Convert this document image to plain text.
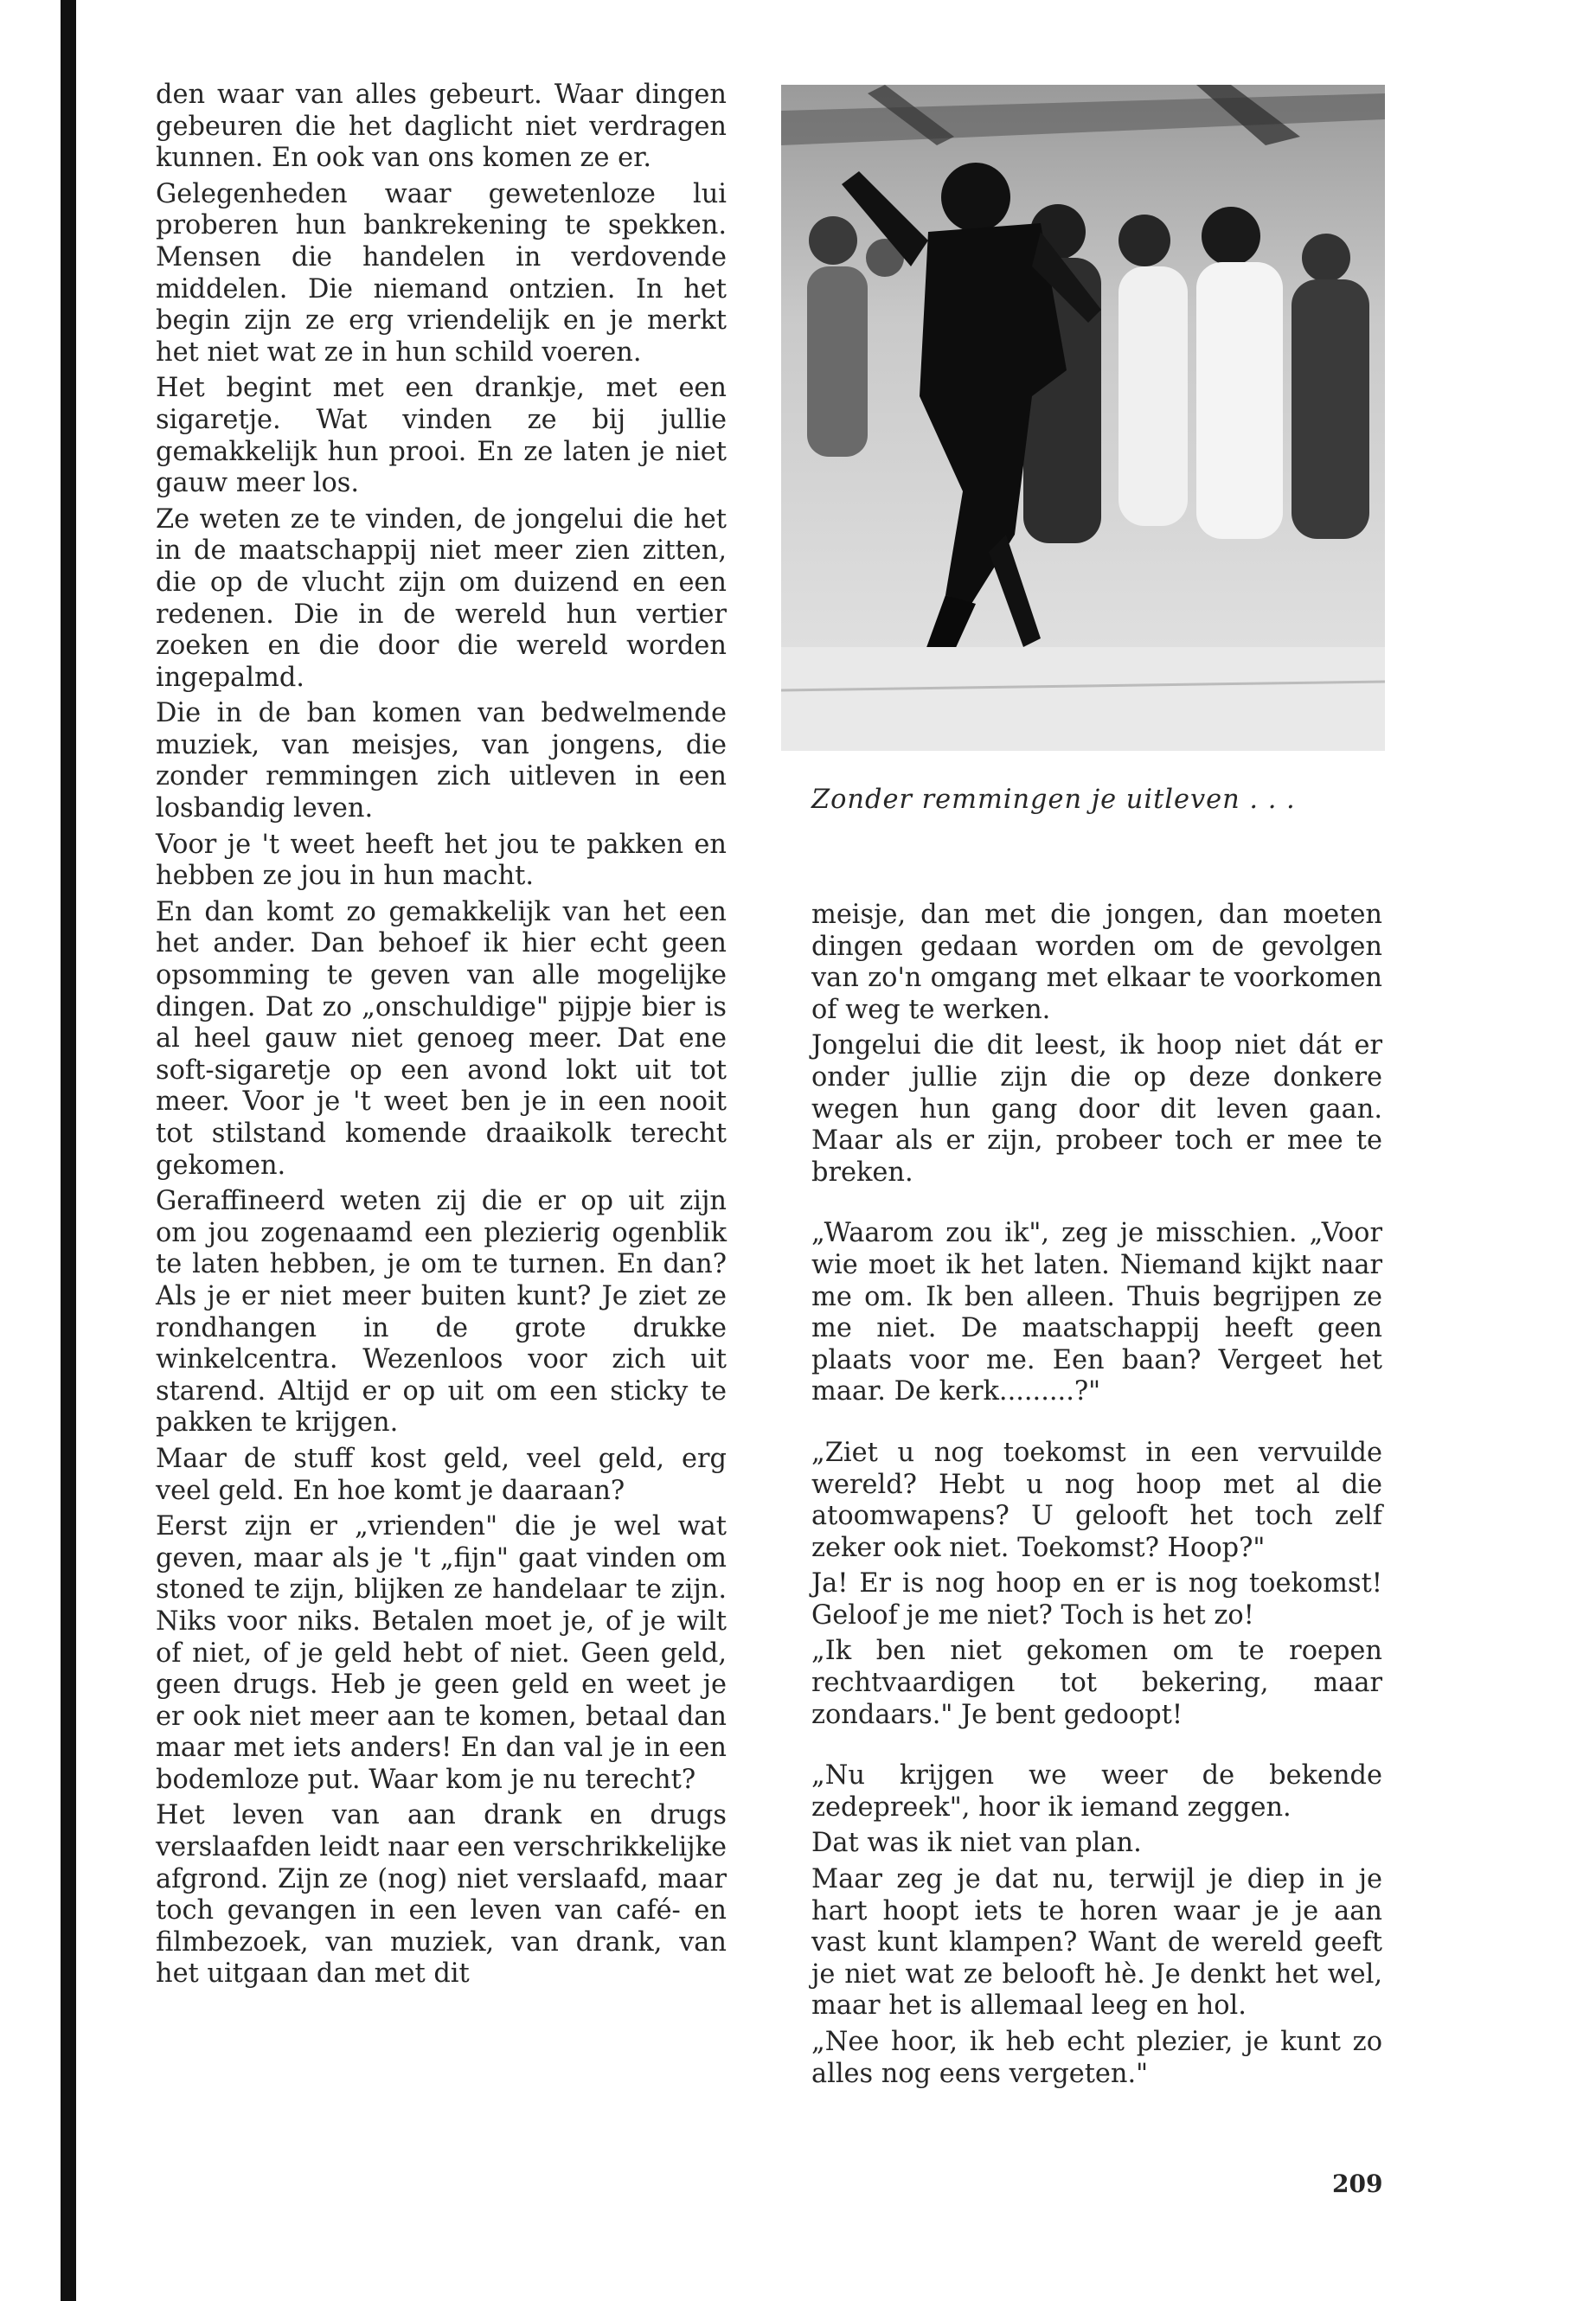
den waar van alles gebeurt. Waar dingen gebeuren die het daglicht niet verdragen kunnen. En ook van ons komen ze er.

Gelegenheden waar gewetenloze lui proberen hun bankrekening te spekken. Mensen die handelen in verdovende middelen. Die niemand ontzien. In het begin zijn ze erg vriendelijk en je merkt het niet wat ze in hun schild voeren.

Het begint met een drankje, met een sigaretje. Wat vinden ze bij jullie gemakkelijk hun prooi. En ze laten je niet gauw meer los.

Ze weten ze te vinden, de jongelui die het in de maatschappij niet meer zien zitten, die op de vlucht zijn om duizend en een redenen. Die in de wereld hun vertier zoeken en die door die wereld worden ingepalmd.

Die in de ban komen van bedwelmende muziek, van meisjes, van jongens, die zonder remmingen zich uitleven in een losbandig leven.

Voor je 't weet heeft het jou te pakken en hebben ze jou in hun macht.

En dan komt zo gemakkelijk van het een het ander. Dan behoef ik hier echt geen opsomming te geven van alle mogelijke dingen. Dat zo „onschuldige" pijpje bier is al heel gauw niet genoeg meer. Dat ene soft-sigaretje op een avond lokt uit tot meer. Voor je 't weet ben je in een nooit tot stilstand komende draaikolk terecht gekomen.

Geraffineerd weten zij die er op uit zijn om jou zogenaamd een plezierig ogenblik te laten hebben, je om te turnen. En dan? Als je er niet meer buiten kunt? Je ziet ze rondhangen in de grote drukke winkelcentra. Wezenloos voor zich uit starend. Altijd er op uit om een sticky te pakken te krijgen.

Maar de stuff kost geld, veel geld, erg veel geld. En hoe komt je daaraan?

Eerst zijn er „vrienden" die je wel wat geven, maar als je 't „fijn" gaat vinden om stoned te zijn, blijken ze handelaar te zijn. Niks voor niks. Betalen moet je, of je wilt of niet, of je geld hebt of niet. Geen geld, geen drugs. Heb je geen geld en weet je er ook niet meer aan te komen, betaal dan maar met iets anders! En dan val je in een bodemloze put. Waar kom je nu terecht?

Het leven van aan drank en drugs verslaafden leidt naar een verschrikkelijke afgrond. Zijn ze (nog) niet verslaafd, maar toch gevangen in een leven van café- en filmbezoek, van muziek, van drank, van het uitgaan dan met dit

Zonder remmingen je uitleven . . .

meisje, dan met die jongen, dan moeten dingen gedaan worden om de gevolgen van zo'n omgang met elkaar te voorkomen of weg te werken.

Jongelui die dit leest, ik hoop niet dát er onder jullie zijn die op deze donkere wegen hun gang door dit leven gaan. Maar als er zijn, probeer toch er mee te breken.

„Waarom zou ik", zeg je misschien. „Voor wie moet ik het laten. Niemand kijkt naar me om. Ik ben alleen. Thuis begrijpen ze me niet. De maatschappij heeft geen plaats voor me. Een baan? Vergeet het maar. De kerk.........?"

„Ziet u nog toekomst in een vervuilde wereld? Hebt u nog hoop met al die atoomwapens? U gelooft het toch zelf zeker ook niet. Toekomst? Hoop?"

Ja! Er is nog hoop en er is nog toekomst! Geloof je me niet? Toch is het zo!

„Ik ben niet gekomen om te roepen rechtvaardigen tot bekering, maar zondaars." Je bent gedoopt!

„Nu krijgen we weer de bekende zedepreek", hoor ik iemand zeggen.

Dat was ik niet van plan.

Maar zeg je dat nu, terwijl je diep in je hart hoopt iets te horen waar je je aan vast kunt klampen? Want de wereld geeft je niet wat ze belooft hè. Je denkt het wel, maar het is allemaal leeg en hol.

„Nee hoor, ik heb echt plezier, je kunt zo alles nog eens vergeten."

209
